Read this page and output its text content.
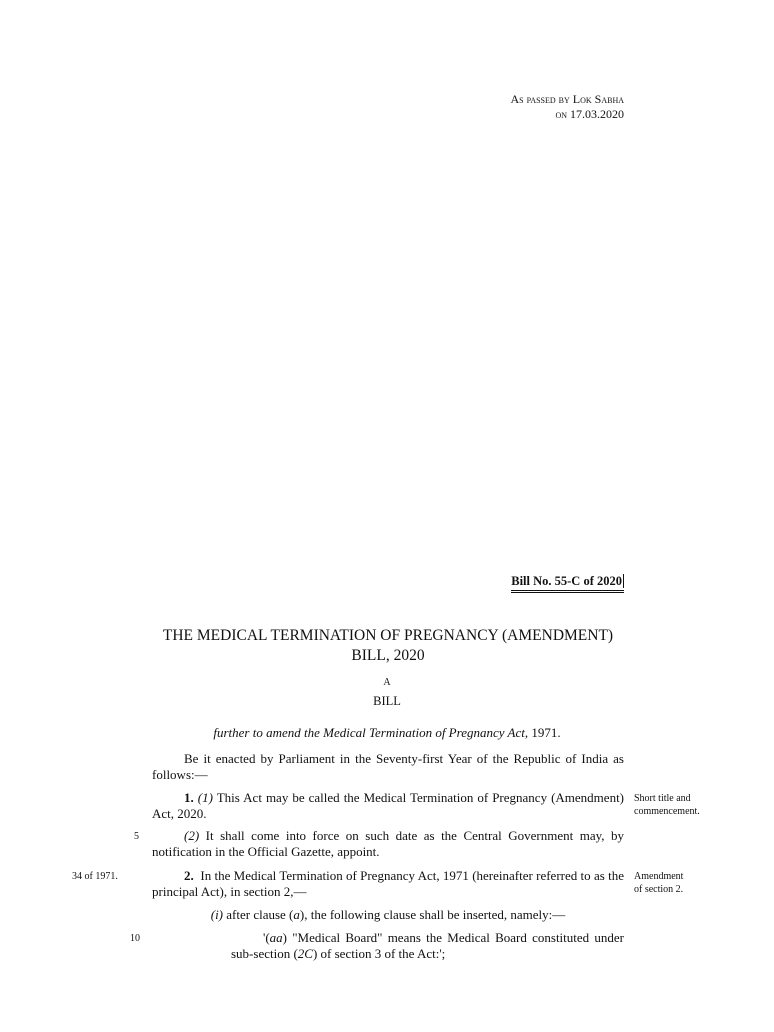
As passed by Lok Sabha
on 17.03.2020
Bill No. 55-C of 2020
THE MEDICAL TERMINATION OF PREGNANCY (AMENDMENT)
BILL, 2020
A
BILL
further to amend the Medical Termination of Pregnancy Act, 1971.
Be it enacted by Parliament in the Seventy-first Year of the Republic of India as follows:—
1. (1) This Act may be called the Medical Termination of Pregnancy (Amendment) Act, 2020.
(2) It shall come into force on such date as the Central Government may, by notification in the Official Gazette, appoint.
2. In the Medical Termination of Pregnancy Act, 1971 (hereinafter referred to as the principal Act), in section 2,—
(i) after clause (a), the following clause shall be inserted, namely:—
'(aa) "Medical Board" means the Medical Board constituted under sub-section (2C) of section 3 of the Act:';
Short title and
commencement.
Amendment
of section 2.
34 of 1971.
5
10
